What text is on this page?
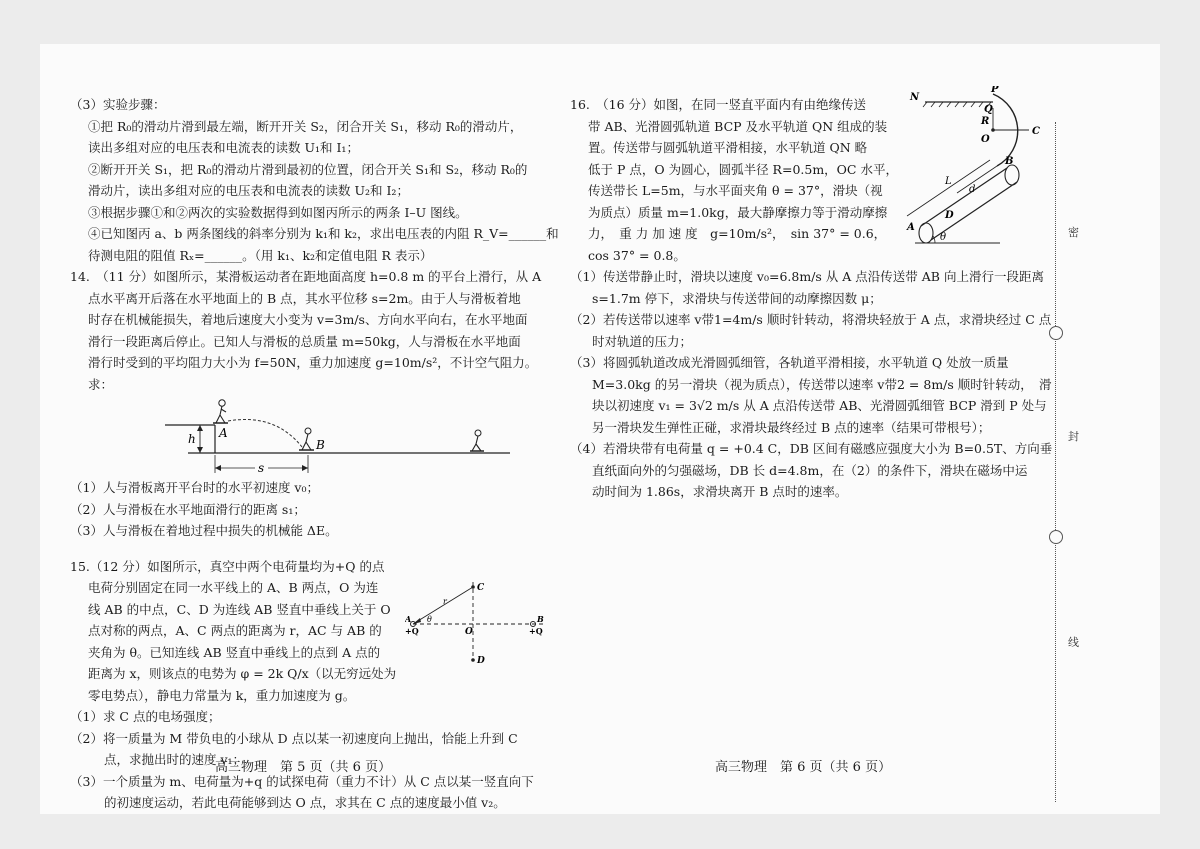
（3）实验步骤：

①把 R₀的滑动片滑到最左端，断开开关 S₂，闭合开关 S₁，移动 R₀的滑动片，

读出多组对应的电压表和电流表的读数 U₁和 I₁；

②断开开关 S₁，把 R₀的滑动片滑到最初的位置，闭合开关 S₁和 S₂，移动 R₀的

滑动片，读出多组对应的电压表和电流表的读数 U₂和 I₂；

③根据步骤①和②两次的实验数据得到如图丙所示的两条 I–U 图线。

④已知图丙 a、b 两条图线的斜率分别为 k₁和 k₂，求出电压表的内阻 R_V=______和

待测电阻的阻值 Rₓ=______。（用 k₁、k₂和定值电阻 R 表示）

14.　（11 分）如图所示，某滑板运动者在距地面高度 h=0.8 m 的平台上滑行，从 A

点水平离开后落在水平地面上的 B 点，其水平位移 s=2m。由于人与滑板着地

时存在机械能损失，着地后速度大小变为 v=3m/s、方向水平向右，在水平地面

滑行一段距离后停止。已知人与滑板的总质量 m=50kg，人与滑板在水平地面

滑行时受到的平均阻力大小为 f=50N，重力加速度 g=10m/s²，不计空气阻力。

求：

h A
B
s

（1）人与滑板离开平台时的水平初速度 v₀；

（2）人与滑板在水平地面滑行的距离 s₁；

（3）人与滑板在着地过程中损失的机械能 ΔE。

15.（12 分）如图所示，真空中两个电荷量均为+Q 的点

电荷分别固定在同一水平线上的 A、B 两点，O 为连

线 AB 的中点，C、D 为连线 AB 竖直中垂线上关于 O

点对称的两点，A、C 两点的距离为 r，AC 与 AB 的

夹角为 θ。已知连线 AB 竖直中垂线上的点到 A 点的

距离为 x，则该点的电势为 φ = 2k Q/x（以无穷远处为

零电势点），静电力常量为 k，重力加速度为 g。

C
D
O
A	B
+Q	+Q
r
θ

（1）求 C 点的电场强度；

（2）将一质量为 M 带负电的小球从 D 点以某一初速度向上抛出，恰能上升到 C

点，求抛出时的速度 v₁；

（3）一个质量为 m、电荷量为+q 的试探电荷（重力不计）从 C 点以某一竖直向下

的初速度运动，若此电荷能够到达 O 点，求其在 C 点的速度最小值 v₂。

高三物理　第 5 页（共 6 页）

16.　（16 分）如图，在同一竖直平面内有由绝缘传送

带 AB、光滑圆弧轨道 BCP 及水平轨道 QN 组成的装

置。传送带与圆弧轨道平滑相接，水平轨道 QN 略

低于 P 点，O 为圆心，圆弧半径 R=0.5m，OC 水平，

传送带长 L=5m，与水平面夹角 θ = 37°，滑块（视

为质点）质量 m=1.0kg，最大静摩擦力等于滑动摩擦

力，　重 力 加 速 度　g=10m/s²，　sin 37° = 0.6，

cos 37° = 0.8。

N
P
Q
R
O
C
B
L
d
D
A
θ

（1）传送带静止时，滑块以速度 v₀=6.8m/s 从 A 点沿传送带 AB 向上滑行一段距离

s=1.7m 停下，求滑块与传送带间的动摩擦因数 μ；

（2）若传送带以速率 v带1=4m/s 顺时针转动，将滑块轻放于 A 点，求滑块经过 C 点

时对轨道的压力；

（3）将圆弧轨道改成光滑圆弧细管，各轨道平滑相接，水平轨道 Q 处放一质量

M=3.0kg 的另一滑块（视为质点），传送带以速率 v带2 = 8m/s 顺时针转动，　滑

块以初速度 v₁ = 3√2 m/s 从 A 点沿传送带 AB、光滑圆弧细管 BCP 滑到 P 处与

另一滑块发生弹性正碰，求滑块最终经过 B 点的速率（结果可带根号）；

（4）若滑块带有电荷量 q = +0.4 C，DB 区间有磁感应强度大小为 B=0.5T、方向垂

直纸面向外的匀强磁场，DB 长 d=4.8m，在（2）的条件下，滑块在磁场中运

动时间为 1.86s，求滑块离开 B 点时的速率。

高三物理　第 6 页（共 6 页）
密
封
线
